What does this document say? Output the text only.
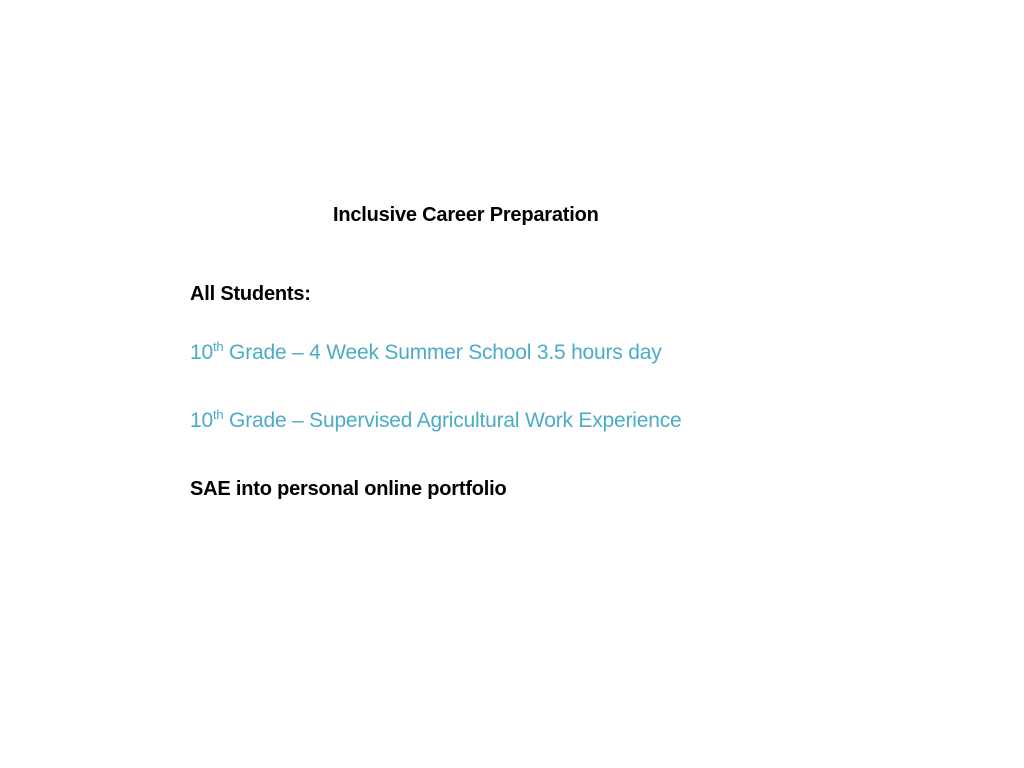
Inclusive Career Preparation
All Students:
10th Grade – 4 Week Summer School 3.5 hours day
10th Grade – Supervised Agricultural Work Experience
SAE into personal online portfolio
